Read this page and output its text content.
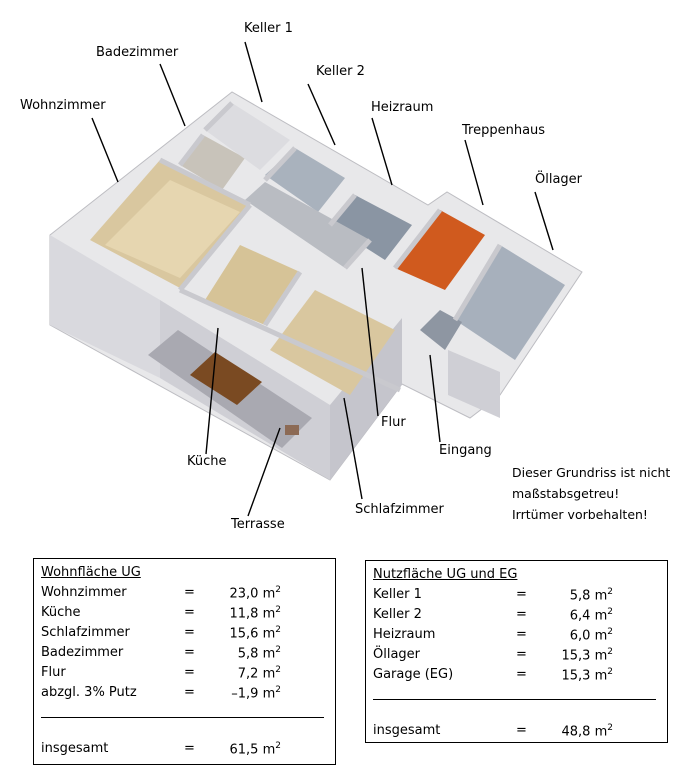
Keller 1
Badezimmer
Keller 2
Wohnzimmer	Heizraum
Treppenhaus
Öllager
Flur
Eingang
Küche
Schlafzimmer
Terrasse
Dieser Grundriss ist nicht
maßstabsgetreu!
Irrtümer vorbehalten!
Wohnfläche UG
Wohnzimmer	=	23,0 $m^2$
Küche	=	11,8 $m^2$
Schlafzimmer	=	15,6 $m^2$
Badezimmer	=	5,8 $m^2$
Flur	=	7,2 $m^2$
abzgl. 3% Putz	=	–1,9 $m^2$
insgesamt	=	61,5 $m^2$
Nutzfläche UG und EG
Keller 1	=	5,8 $m^2$
Keller 2	=	6,4 $m^2$
Heizraum	=	6,0 $m^2$
Öllager	=	15,3 $m^2$
Garage (EG)	=	15,3 $m^2$
insgesamt	=	48,8 $m^2$
